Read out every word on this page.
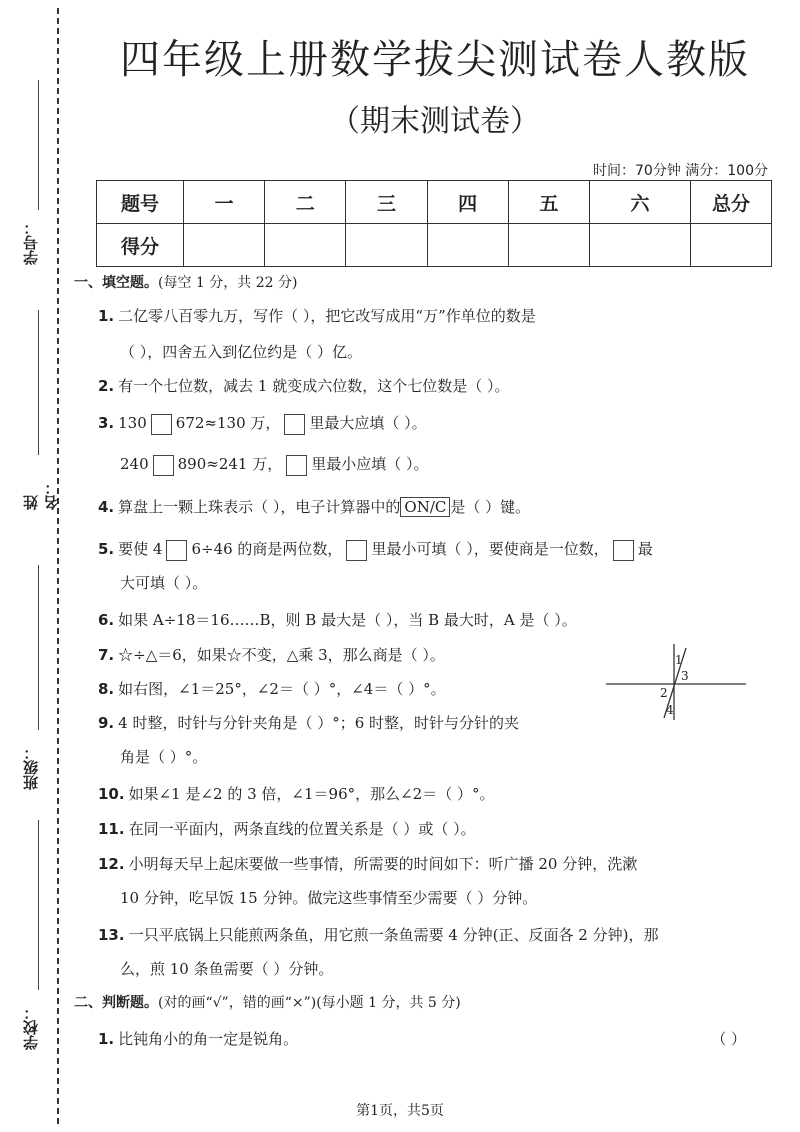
学号：
姓名：
班级：
学校：
四年级上册数学拔尖测试卷人教版
（期末测试卷）
时间：70分钟 满分：100分
题号	一	二	三	四	五	六	总分
得分							
一、填空题。(每空 1 分，共 22 分)
1. 二亿零八百零九万，写作（ ），把它改写成用“万”作单位的数是
（ ），四舍五入到亿位约是（ ）亿。
2. 有一个七位数，减去 1 就变成六位数，这个七位数是（ ）。
3. 130 672≈130 万， 里最大应填（ ）。
240 890≈241 万， 里最小应填（ ）。
4. 算盘上一颗上珠表示（ ），电子计算器中的 ON/C 是（ ）键。
5. 要使 4 6÷46 的商是两位数， 里最小可填（ ），要使商是一位数， 最
大可填（ ）。
6. 如果 A÷18＝16……B，则 B 最大是（ ），当 B 最大时，A 是（ ）。
7. ☆÷△＝6，如果☆不变，△乘 3，那么商是（ ）。
8. 如右图，∠1＝25°，∠2＝（ ）°，∠4＝（ ）°。
1
3
2
4
9. 4 时整，时针与分针夹角是（ ）°；6 时整，时针与分针的夹
角是（ ）°。
10. 如果∠1 是∠2 的 3 倍，∠1＝96°，那么∠2＝（ ）°。
11. 在同一平面内，两条直线的位置关系是（ ）或（ ）。
12. 小明每天早上起床要做一些事情，所需要的时间如下：听广播 20 分钟，洗漱
10 分钟，吃早饭 15 分钟。做完这些事情至少需要（ ）分钟。
13. 一只平底锅上只能煎两条鱼，用它煎一条鱼需要 4 分钟(正、反面各 2 分钟)，那
么，煎 10 条鱼需要（ ）分钟。
二、判断题。(对的画“√”，错的画“×”)(每小题 1 分，共 5 分)
1. 比钝角小的角一定是锐角。	（ ）
第1页，共5页
